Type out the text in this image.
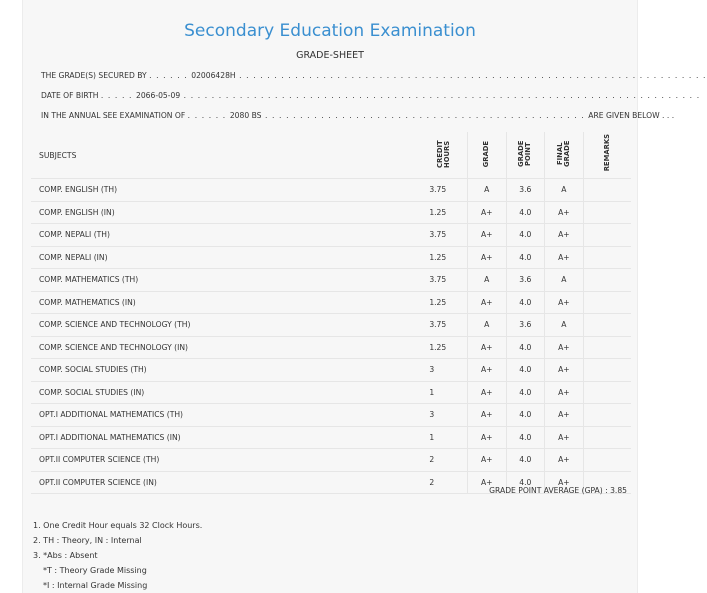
Secondary Education Examination
GRADE-SHEET
THE GRADE(S) SECURED BY . . . . . . 02006428H . . . . . . . . . . . . . . . . . . . . . . . . . . . . . . . . . . . . . . . . . . . . . . . . . . . . . . . . . . . . . . . . . . .
DATE OF BIRTH . . . . . 2066-05-09 . . . . . . . . . . . . . . . . . . . . . . . . . . . . . . . . . . . . . . . . . . . . . . . . . . . . . . . . . . . . . . . . . . . . . . . . . .
IN THE ANNUAL SEE EXAMINATION OF . . . . . . 2080 BS . . . . . . . . . . . . . . . . . . . . . . . . . . . . . . . . . . . . . . . . . . . . . . ARE GIVEN BELOW . . .
SUBJECTS	CREDIT HOURS	GRADE	GRADE POINT	FINAL GRADE	REMARKS
COMP. ENGLISH (TH)	3.75	A	3.6	A	
COMP. ENGLISH (IN)	1.25	A+	4.0	A+	
COMP. NEPALI (TH)	3.75	A+	4.0	A+	
COMP. NEPALI (IN)	1.25	A+	4.0	A+	
COMP. MATHEMATICS (TH)	3.75	A	3.6	A	
COMP. MATHEMATICS (IN)	1.25	A+	4.0	A+	
COMP. SCIENCE AND TECHNOLOGY (TH)	3.75	A	3.6	A	
COMP. SCIENCE AND TECHNOLOGY (IN)	1.25	A+	4.0	A+	
COMP. SOCIAL STUDIES (TH)	3	A+	4.0	A+	
COMP. SOCIAL STUDIES (IN)	1	A+	4.0	A+	
OPT.I ADDITIONAL MATHEMATICS (TH)	3	A+	4.0	A+	
OPT.I ADDITIONAL MATHEMATICS (IN)	1	A+	4.0	A+	
OPT.II COMPUTER SCIENCE (TH)	2	A+	4.0	A+	
OPT.II COMPUTER SCIENCE (IN)	2	A+	4.0	A+	
GRADE POINT AVERAGE (GPA) : 3.85
1. One Credit Hour equals 32 Clock Hours.
2. TH : Theory, IN : Internal
3. *Abs : Absent
*T : Theory Grade Missing
*I : Internal Grade Missing
